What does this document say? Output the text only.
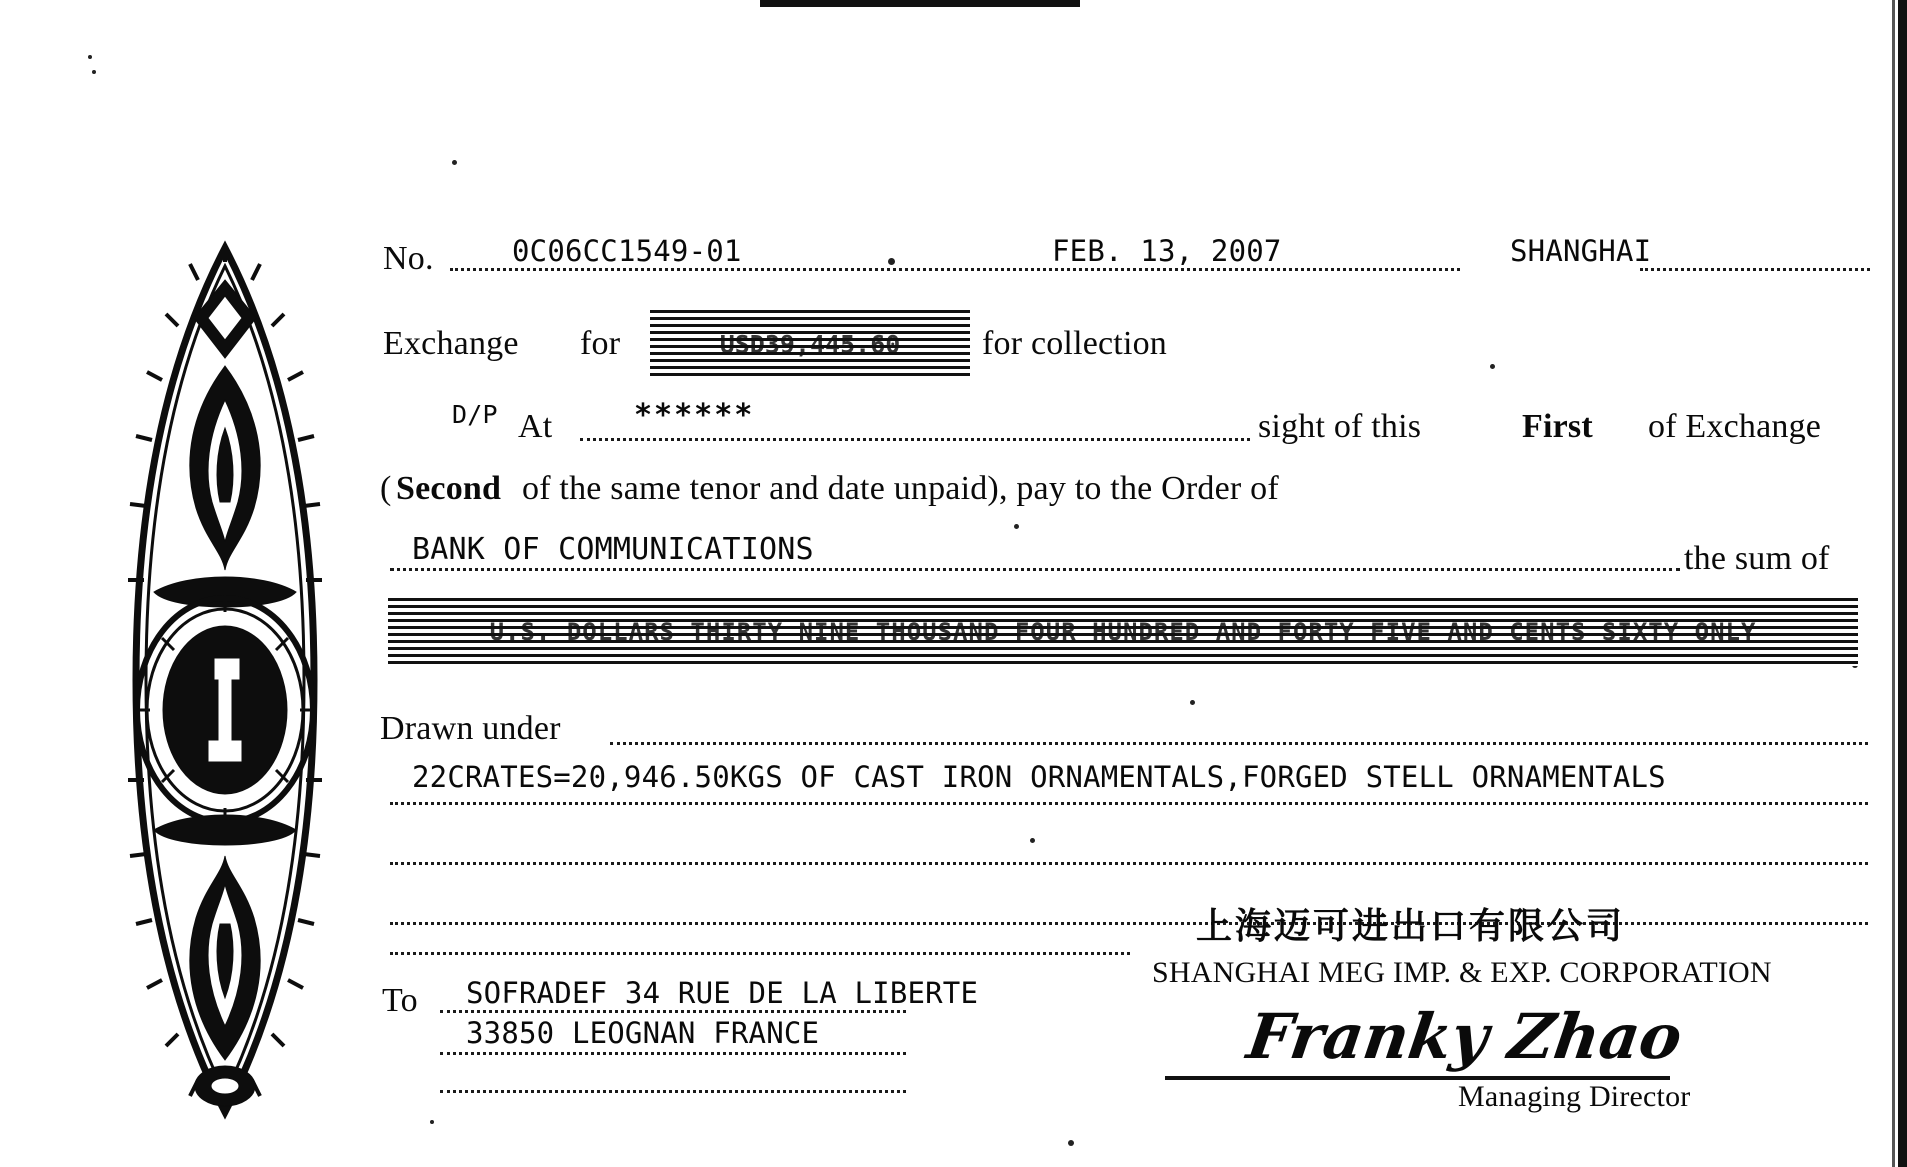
No.	0C06CC1549-01	FEB. 13, 2007	SHANGHAI
Exchange for	USD39,445.60	for collection
D/P At	******	sight of this	First of Exchange
( Second of the same tenor and date unpaid), pay to the Order of
BANK OF COMMUNICATIONS	the sum of
U.S. DOLLARS THIRTY NINE THOUSAND FOUR HUNDRED AND FORTY FIVE AND CENTS SIXTY ONLY
Drawn under
22CRATES=20,946.50KGS OF CAST IRON ORNAMENTALS,FORGED STELL ORNAMENTALS
To SOFRADEF 34 RUE DE LA LIBERTE
33850 LEOGNAN FRANCE
上海迈可进出口有限公司
SHANGHAI MEG IMP. & EXP. CORPORATION
Franky Zhao
Managing Director
